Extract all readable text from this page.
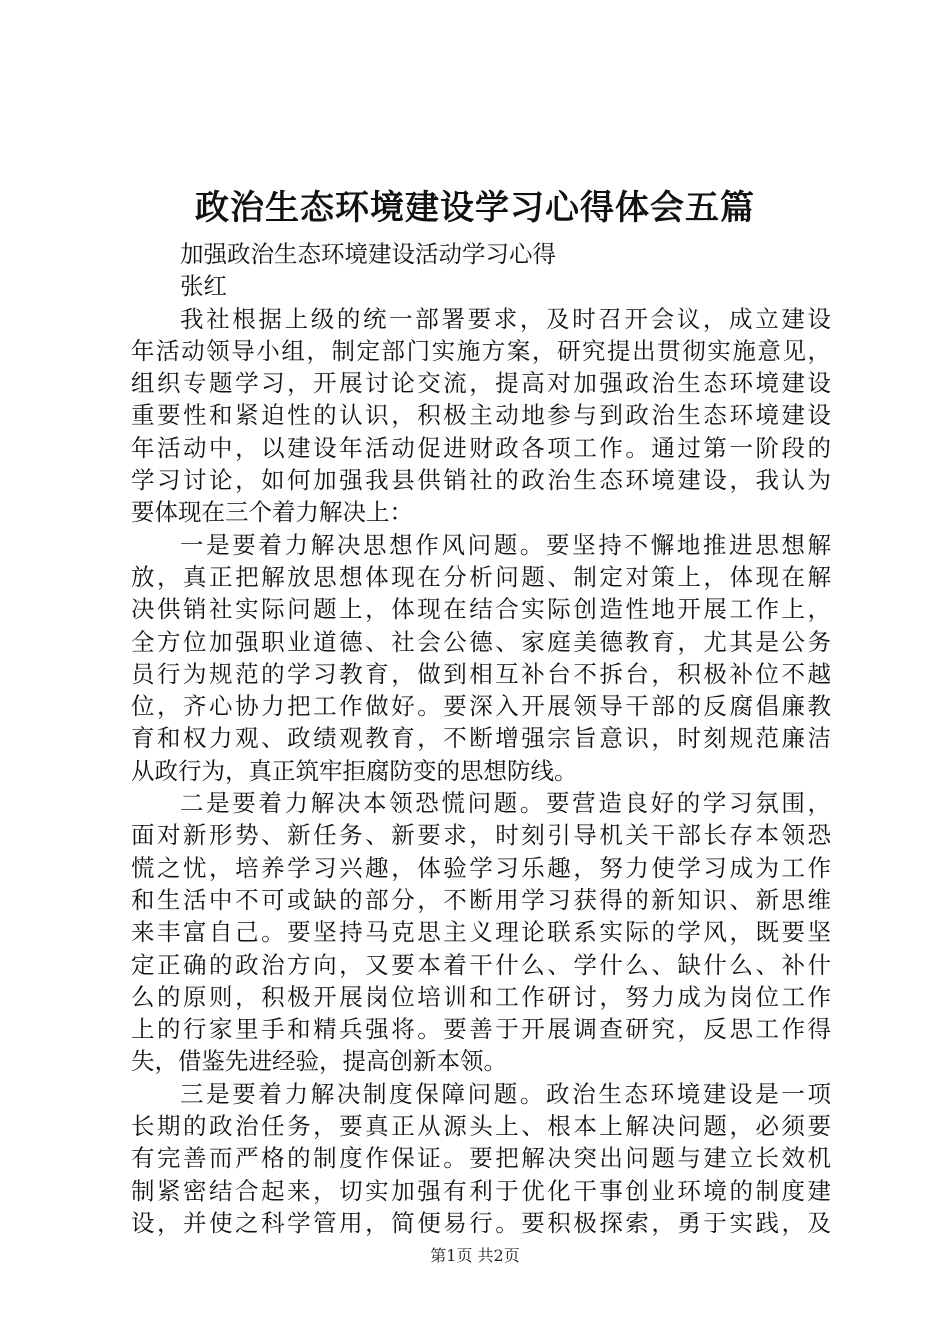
政治生态环境建设学习心得体会五篇
加强政治生态环境建设活动学习心得
张红
我社根据上级的统一部署要求，及时召开会议，成立建设
年活动领导小组，制定部门实施方案，研究提出贯彻实施意见，
组织专题学习，开展讨论交流，提高对加强政治生态环境建设
重要性和紧迫性的认识，积极主动地参与到政治生态环境建设
年活动中，以建设年活动促进财政各项工作。通过第一阶段的
学习讨论，如何加强我县供销社的政治生态环境建设，我认为
要体现在三个着力解决上：
一是要着力解决思想作风问题。要坚持不懈地推进思想解
放，真正把解放思想体现在分析问题、制定对策上，体现在解
决供销社实际问题上，体现在结合实际创造性地开展工作上，
全方位加强职业道德、社会公德、家庭美德教育，尤其是公务
员行为规范的学习教育，做到相互补台不拆台，积极补位不越
位，齐心协力把工作做好。要深入开展领导干部的反腐倡廉教
育和权力观、政绩观教育，不断增强宗旨意识，时刻规范廉洁
从政行为，真正筑牢拒腐防变的思想防线。
二是要着力解决本领恐慌问题。要营造良好的学习氛围，
面对新形势、新任务、新要求，时刻引导机关干部长存本领恐
慌之忧，培养学习兴趣，体验学习乐趣，努力使学习成为工作
和生活中不可或缺的部分，不断用学习获得的新知识、新思维
来丰富自己。要坚持马克思主义理论联系实际的学风，既要坚
定正确的政治方向，又要本着干什么、学什么、缺什么、补什
么的原则，积极开展岗位培训和工作研讨，努力成为岗位工作
上的行家里手和精兵强将。要善于开展调查研究，反思工作得
失，借鉴先进经验，提高创新本领。
三是要着力解决制度保障问题。政治生态环境建设是一项
长期的政治任务，要真正从源头上、根本上解决问题，必须要
有完善而严格的制度作保证。要把解决突出问题与建立长效机
制紧密结合起来，切实加强有利于优化干事创业环境的制度建
设，并使之科学管用，简便易行。要积极探索，勇于实践，及
第1页 共2页
